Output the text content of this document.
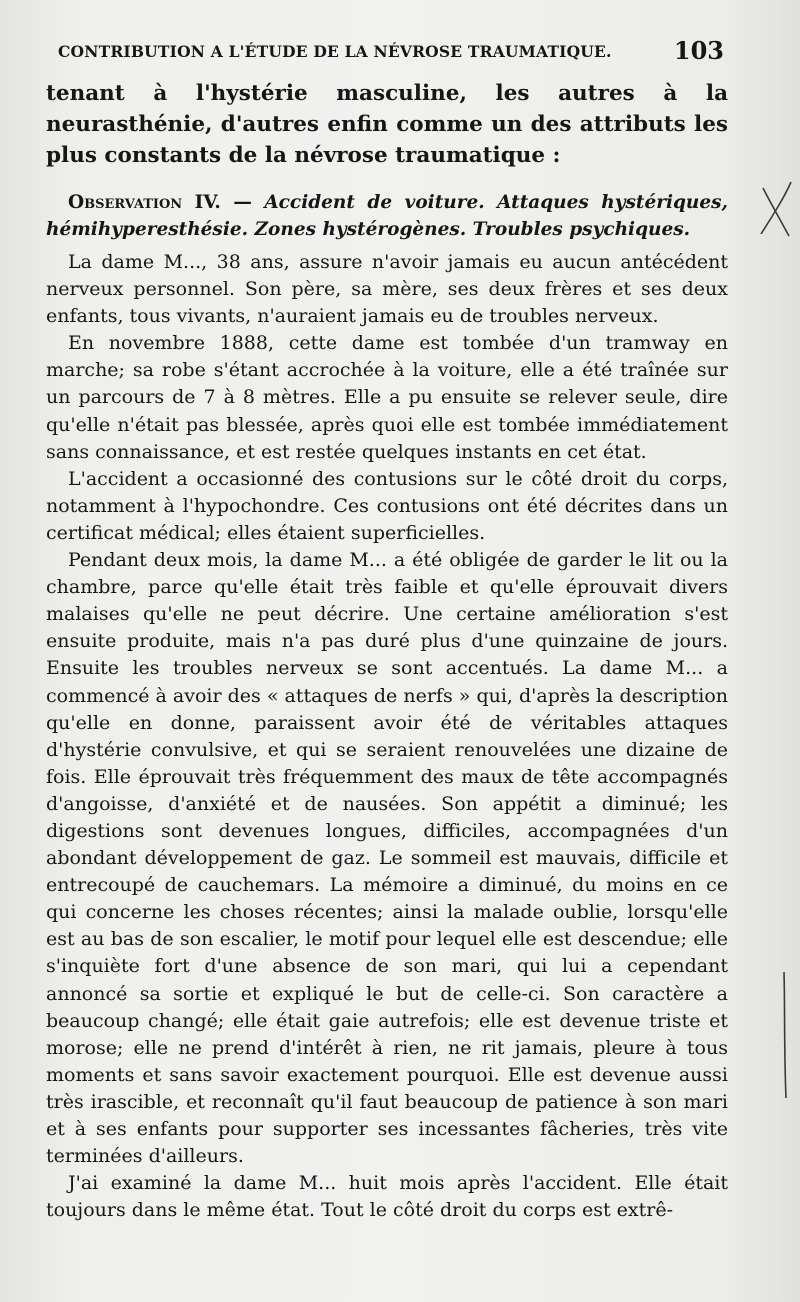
CONTRIBUTION A L'ÉTUDE DE LA NÉVROSE TRAUMATIQUE.	103

tenant à l'hystérie masculine, les autres à la neurasthénie, d'autres enfin comme un des attributs les plus constants de la névrose traumatique :

Observation IV. — Accident de voiture. Attaques hystériques, hémihyperesthésie. Zones hystérogènes. Troubles psychiques.

La dame M..., 38 ans, assure n'avoir jamais eu aucun antécédent nerveux personnel. Son père, sa mère, ses deux frères et ses deux enfants, tous vivants, n'auraient jamais eu de troubles nerveux.

En novembre 1888, cette dame est tombée d'un tramway en marche; sa robe s'étant accrochée à la voiture, elle a été traînée sur un parcours de 7 à 8 mètres. Elle a pu ensuite se relever seule, dire qu'elle n'était pas blessée, après quoi elle est tombée immédiatement sans connaissance, et est restée quelques instants en cet état.

L'accident a occasionné des contusions sur le côté droit du corps, notamment à l'hypochondre. Ces contusions ont été décrites dans un certificat médical; elles étaient superficielles.

Pendant deux mois, la dame M... a été obligée de garder le lit ou la chambre, parce qu'elle était très faible et qu'elle éprouvait divers malaises qu'elle ne peut décrire. Une certaine amélioration s'est ensuite produite, mais n'a pas duré plus d'une quinzaine de jours. Ensuite les troubles nerveux se sont accentués. La dame M... a commencé à avoir des « attaques de nerfs » qui, d'après la description qu'elle en donne, paraissent avoir été de véritables attaques d'hystérie convulsive, et qui se seraient renouvelées une dizaine de fois. Elle éprouvait très fréquemment des maux de tête accompagnés d'angoisse, d'anxiété et de nausées. Son appétit a diminué; les digestions sont devenues longues, difficiles, accompagnées d'un abondant développement de gaz. Le sommeil est mauvais, difficile et entrecoupé de cauchemars. La mémoire a diminué, du moins en ce qui concerne les choses récentes; ainsi la malade oublie, lorsqu'elle est au bas de son escalier, le motif pour lequel elle est descendue; elle s'inquiète fort d'une absence de son mari, qui lui a cependant annoncé sa sortie et expliqué le but de celle-ci. Son caractère a beaucoup changé; elle était gaie autrefois; elle est devenue triste et morose; elle ne prend d'intérêt à rien, ne rit jamais, pleure à tous moments et sans savoir exactement pourquoi. Elle est devenue aussi très irascible, et reconnaît qu'il faut beaucoup de patience à son mari et à ses enfants pour supporter ses incessantes fâcheries, très vite terminées d'ailleurs.

J'ai examiné la dame M... huit mois après l'accident. Elle était toujours dans le même état. Tout le côté droit du corps est extrê-
